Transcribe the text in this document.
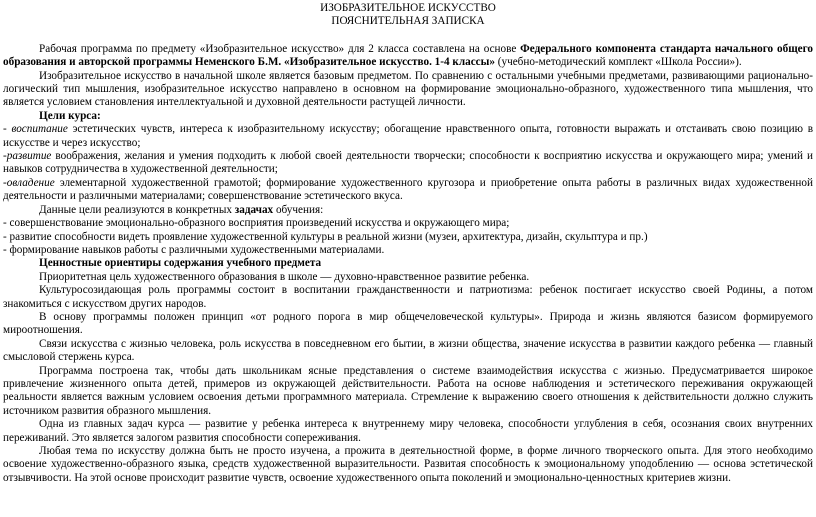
ИЗОБРАЗИТЕЛЬНОЕ ИСКУССТВО

ПОЯСНИТЕЛЬНАЯ ЗАПИСКА

Рабочая программа по предмету «Изобразительное искусство» для 2 класса составлена на основе Федерального компонента стандарта начального общего образования и авторской программы Неменского Б.М. «Изобразительное искусство. 1-4 классы» (учебно-методический комплект «Школа России»).

Изобразительное искусство в начальной школе является базовым предметом. По сравнению с остальными учебными предметами, развивающими рационально-логический тип мышления, изобразительное искусство направлено в основном на формирование эмоционально-образного, художественного типа мышления, что является условием становления интеллектуальной и духовной деятельности растущей личности.

Цели курса:

- воспитание эстетических чувств, интереса к изобразительному искусству; обогащение нравственного опыта, готовности выражать и отстаивать свою позицию в искусстве и через искусство;

-развитие воображения, желания и умения подходить к любой своей деятельности творчески; способности к восприятию искусства и окружающего мира; умений и навыков сотрудничества в художественной деятельности;

-овладение элементарной художественной грамотой; формирование художественного кругозора и приобретение опыта работы в различных видах художественной деятельности и различными материалами; совершенствование эстетического вкуса.

Данные цели реализуются в конкретных задачах обучения:

- совершенствование эмоционально-образного восприятия произведений искусства и окружающего мира;

- развитие способности видеть проявление художественной культуры в реальной жизни (музеи, архитектура, дизайн, скульптура и пр.)

- формирование навыков работы с различными художественными материалами.

Ценностные ориентиры содержания учебного предмета

Приоритетная цель художественного образования в школе — духовно-нравственное развитие ребенка.

Культуросозидающая роль программы состоит в воспитании гражданственности и патриотизма: ребенок постигает искусство своей Родины, а потом знакомиться с искусством других народов.

В основу программы положен принцип «от родного порога в мир общечеловеческой культуры». Природа и жизнь являются базисом формируемого мироотношения.

Связи искусства с жизнью человека, роль искусства в повседневном его бытии, в жизни общества, значение искусства в развитии каждого ребенка — главный смысловой стержень курса.

Программа построена так, чтобы дать школьникам ясные представления о системе взаимодействия искусства с жизнью. Предусматривается широкое привлечение жизненного опыта детей, примеров из окружающей действительности. Работа на основе наблюдения и эстетического переживания окружающей реальности является важным условием освоения детьми программного материала. Стремление к выражению своего отношения к действительности должно служить источником развития образного мышления.

Одна из главных задач курса — развитие у ребенка интереса к внутреннему миру человека, способности углубления в себя, осознания своих внутренних переживаний. Это является залогом развития способности сопереживания.

Любая тема по искусству должна быть не просто изучена, а прожита в деятельностной форме, в форме личного творческого опыта. Для этого необходимо освоение художественно-образного языка, средств художественной выразительности. Развитая способность к эмоциональному уподоблению — основа эстетической отзывчивости. На этой основе происходит развитие чувств, освоение художественного опыта поколений и эмоционально-ценностных критериев жизни.
